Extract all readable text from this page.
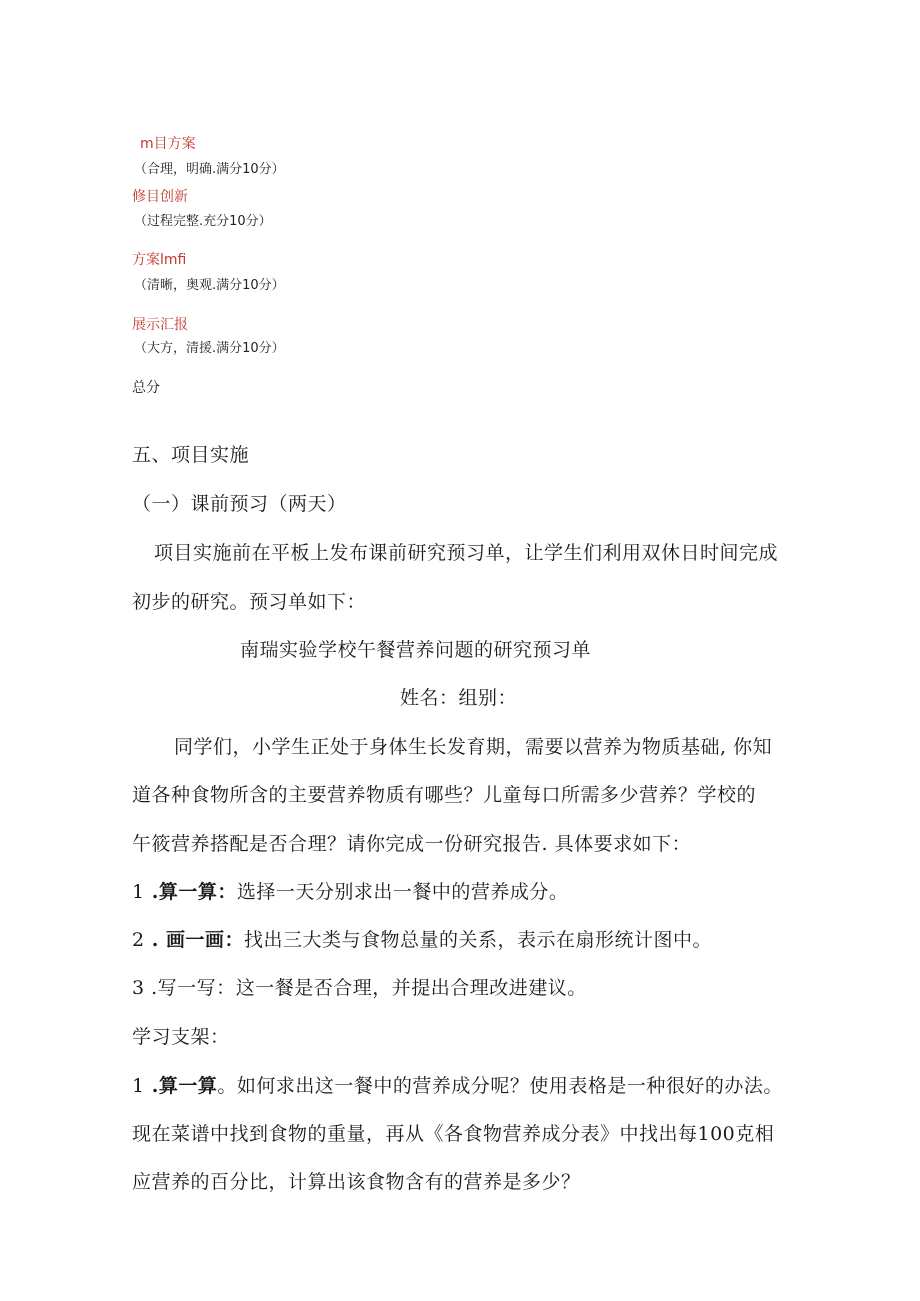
m目方案
（合理，明确.满分10分）
修目创新
（过程完整.充分10分）
方案lmfi
（清晰，奥观.满分10分）
展示汇报
（大方，清援.满分10分）
总分
五、项目实施
（一）课前预习（两天）
项目实施前在平板上发布课前研究预习单，让学生们利用双休日时间完成
初步的研究。预习单如下：
南瑞实验学校午餐营养问题的研究预习单
姓名：组别：
同学们，小学生正处于身体生长发育期，需要以营养为物质基础, 你知
道各种食物所含的主要营养物质有哪些？儿童每口所需多少营养？学校的
午筱营养搭配是否合理？请你完成一份研究报告. 具体要求如下：
1 .算一算：选择一天分别求出一餐中的营养成分。
2 . 画一画：找出三大类与食物总量的关系，表示在扇形统计图中。
3 .写一写：这一餐是否合理，并提出合理改进建议。
学习支架：
1 .算一算。如何求出这一餐中的营养成分呢？使用表格是一种很好的办法。
现在菜谱中找到食物的重量，再从《各食物营养成分表》中找出每100克相
应营养的百分比，计算出该食物含有的营养是多少？
